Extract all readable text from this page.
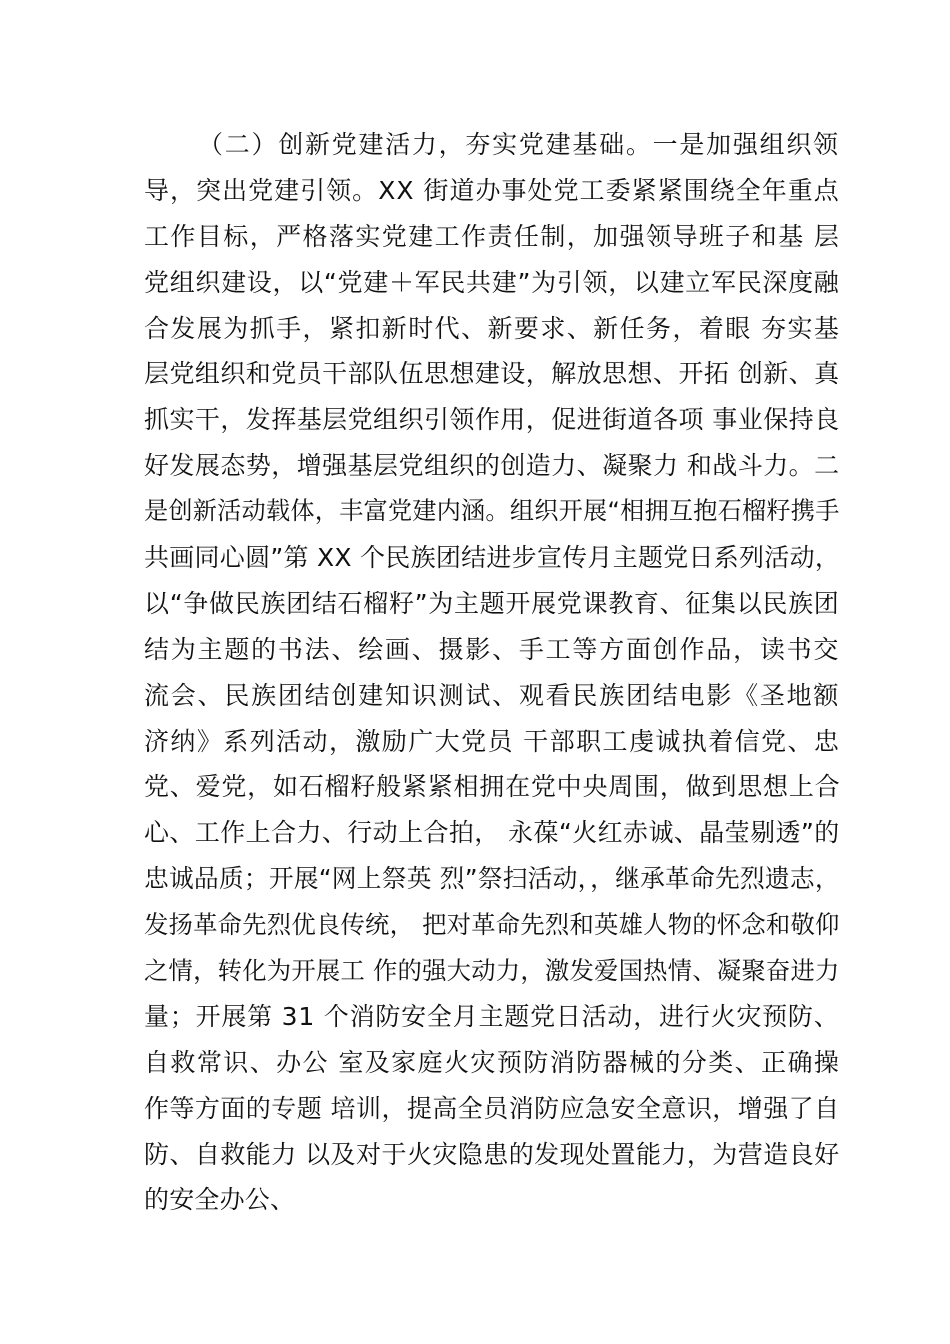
（二）创新党建活力，夯实党建基础。一是加强组织领
导，突出党建引领。XX 街道办事处党工委紧紧围绕全年重点
工作目标，严格落实党建工作责任制，加强领导班子和基 层
党组织建设，以“党建＋军民共建”为引领，以建立军民深度融
合发展为抓手，紧扣新时代、新要求、新任务，着眼 夯实基
层党组织和党员干部队伍思想建设，解放思想、开拓 创新、真
抓实干，发挥基层党组织引领作用，促进街道各项 事业保持良
好发展态势，增强基层党组织的创造力、凝聚力 和战斗力。二
是创新活动载体，丰富党建内涵。组织开展“相拥互抱石榴籽携手
共画同心圆”第 XX 个民族团结进步宣传月主题党日系列活动，
以“争做民族团结石榴籽”为主题开展党课教育、征集以民族团
结为主题的书法、绘画、摄影、手工等方面创作品，读书交
流会、民族团结创建知识测试、观看民族团结电影《圣地额
济纳》系列活动，激励广大党员 干部职工虔诚执着信党、忠
党、爱党，如石榴籽般紧紧相拥在党中央周围，做到思想上合
心、工作上合力、行动上合拍， 永葆“火红赤诚、晶莹剔透”的
忠诚品质；开展“网上祭英 烈”祭扫活动，，继承革命先烈遗志，
发扬革命先烈优良传统， 把对革命先烈和英雄人物的怀念和敬仰
之情，转化为开展工 作的强大动力，激发爱国热情、凝聚奋进力
量；开展第 31 个消防安全月主题党日活动，进行火灾预防、
自救常识、办公 室及家庭火灾预防消防器械的分类、正确操
作等方面的专题 培训，提高全员消防应急安全意识，增强了自
防、自救能力 以及对于火灾隐患的发现处置能力，为营造良好
的安全办公、
